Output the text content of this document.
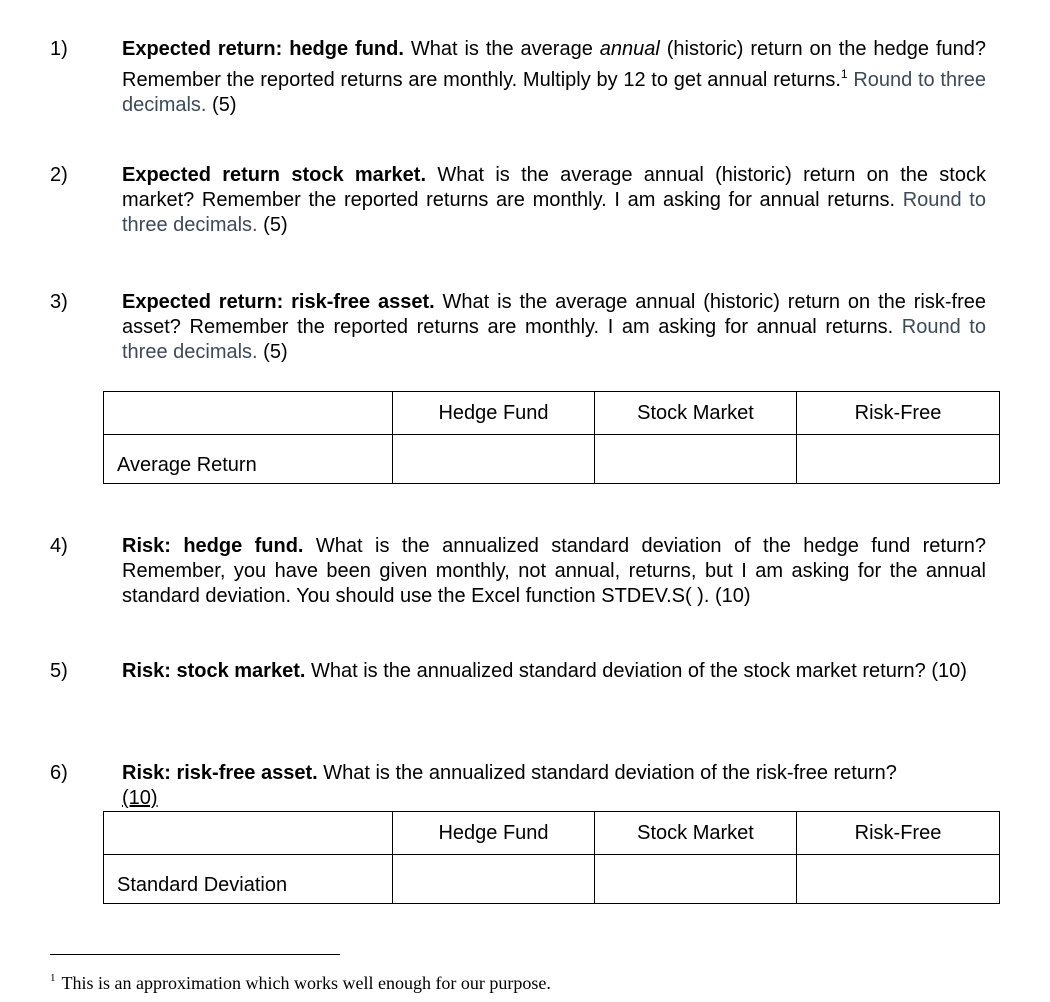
1)	Expected return: hedge fund. What is the average annual (historic) return on the hedge fund? Remember the reported returns are monthly. Multiply by 12 to get annual returns.$^1$ Round to three decimals. (5)
2)	Expected return stock market. What is the average annual (historic) return on the stock market? Remember the reported returns are monthly. I am asking for annual returns. Round to three decimals. (5)
3)	Expected return: risk-free asset. What is the average annual (historic) return on the risk-free asset? Remember the reported returns are monthly. I am asking for annual returns. Round to three decimals. (5)
	Hedge Fund	Stock Market	Risk-Free
Average Return			
4)	Risk: hedge fund. What is the annualized standard deviation of the hedge fund return? Remember, you have been given monthly, not annual, returns, but I am asking for the annual standard deviation. You should use the Excel function STDEV.S( ). (10)
5)	Risk: stock market. What is the annualized standard deviation of the stock market return? (10)
6)	Risk: risk-free asset. What is the annualized standard deviation of the risk-free return?
(10)
	Hedge Fund	Stock Market	Risk-Free
Standard Deviation			
$^1$ This is an approximation which works well enough for our purpose.
